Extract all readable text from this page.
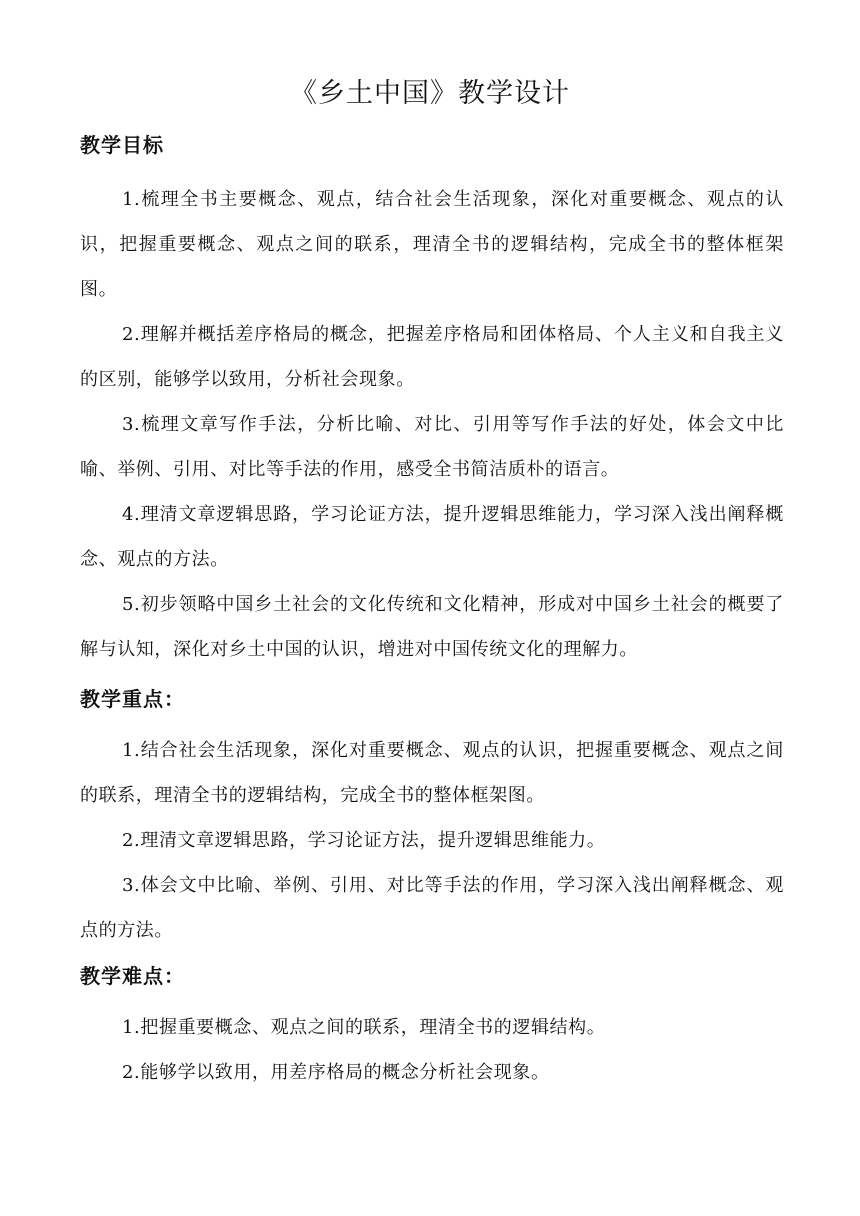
《乡土中国》教学设计
教学目标
1.梳理全书主要概念、观点，结合社会生活现象，深化对重要概念、观点的认识，把握重要概念、观点之间的联系，理清全书的逻辑结构，完成全书的整体框架图。
2.理解并概括差序格局的概念，把握差序格局和团体格局、个人主义和自我主义的区别，能够学以致用，分析社会现象。
3.梳理文章写作手法，分析比喻、对比、引用等写作手法的好处，体会文中比喻、举例、引用、对比等手法的作用，感受全书简洁质朴的语言。
4.理清文章逻辑思路，学习论证方法，提升逻辑思维能力，学习深入浅出阐释概念、观点的方法。
5.初步领略中国乡土社会的文化传统和文化精神，形成对中国乡土社会的概要了解与认知，深化对乡土中国的认识，增进对中国传统文化的理解力。
教学重点：
1.结合社会生活现象，深化对重要概念、观点的认识，把握重要概念、观点之间的联系，理清全书的逻辑结构，完成全书的整体框架图。
2.理清文章逻辑思路，学习论证方法，提升逻辑思维能力。
3.体会文中比喻、举例、引用、对比等手法的作用，学习深入浅出阐释概念、观点的方法。
教学难点：
1.把握重要概念、观点之间的联系，理清全书的逻辑结构。
2.能够学以致用，用差序格局的概念分析社会现象。
